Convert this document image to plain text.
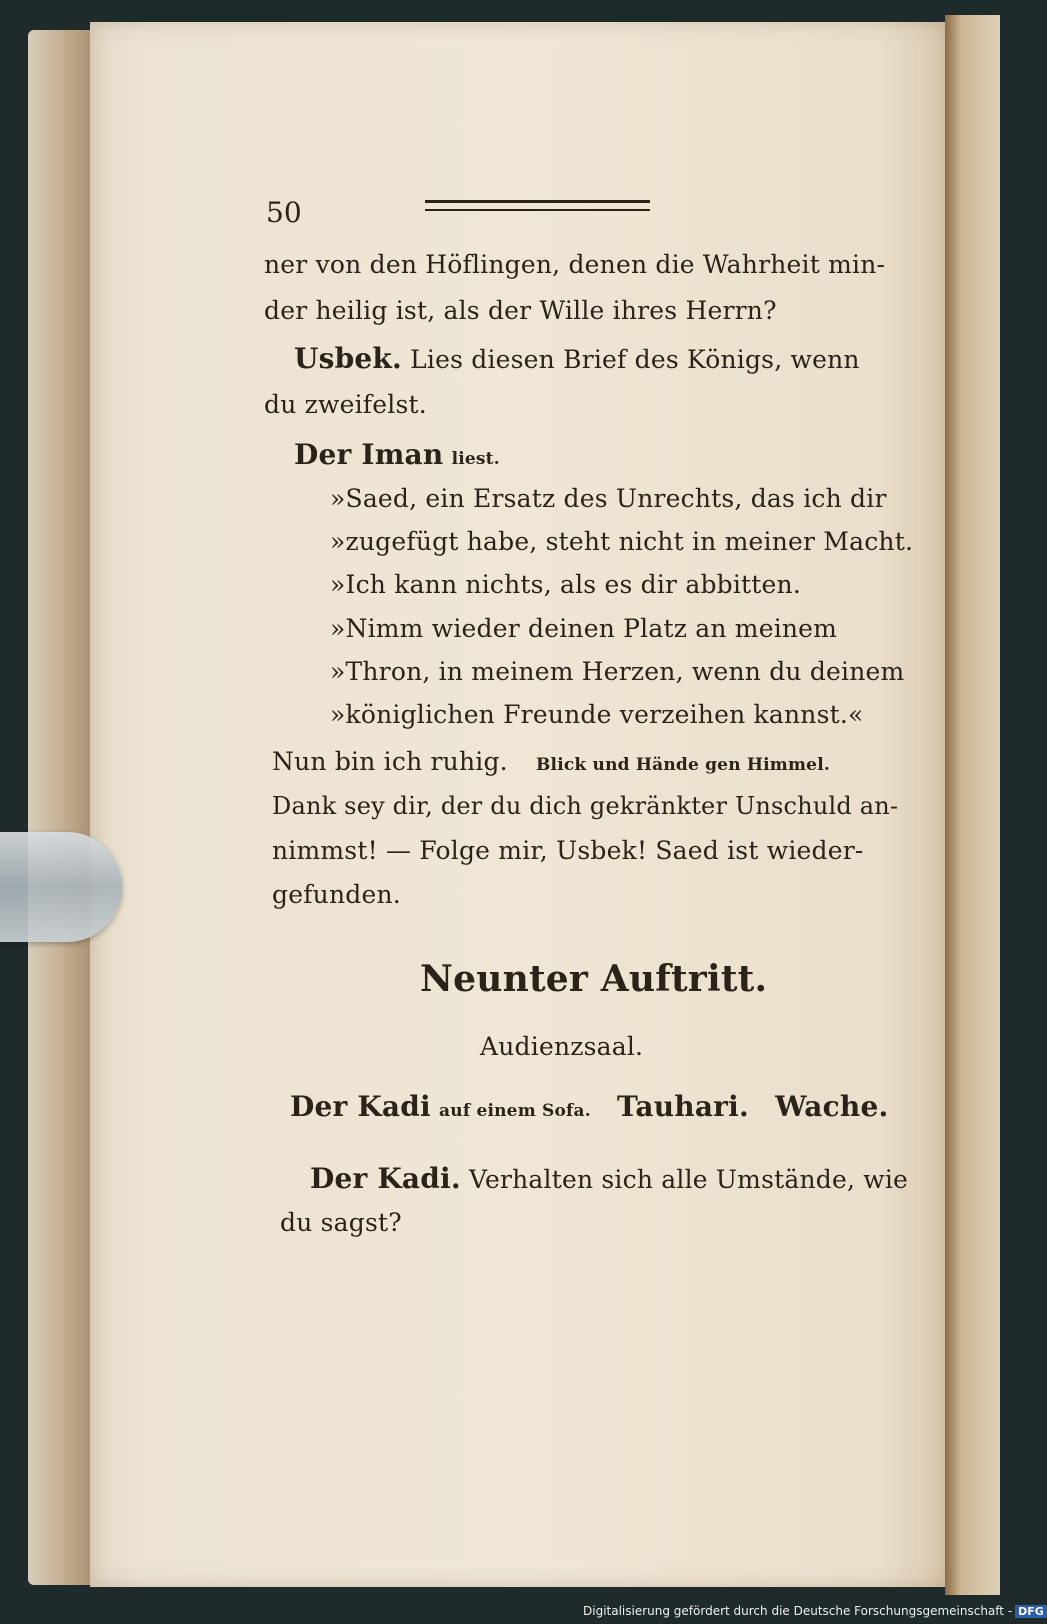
50
ner von den Höflingen, denen die Wahrheit min-
der heilig ist, als der Wille ihres Herrn?
Usbek. Lies diesen Brief des Königs, wenn
du zweifelst.
Der Iman liest.
»Saed, ein Ersatz des Unrechts, das ich dir
»zugefügt habe, steht nicht in meiner Macht.
»Ich kann nichts, als es dir abbitten.
»Nimm wieder deinen Platz an meinem
»Thron, in meinem Herzen, wenn du deinem
»königlichen Freunde verzeihen kannst.«
Nun bin ich ruhig. Blick und Hände gen Himmel.
Dank sey dir, der du dich gekränkter Unschuld an-
nimmst! — Folge mir, Usbek! Saed ist wieder-
gefunden.
Neunter Auftritt.
Audienzsaal.
Der Kadi auf einem Sofa. Tauhari. Wache.
Der Kadi. Verhalten sich alle Umstände, wie
du sagst?
Digitalisierung gefördert durch die Deutsche Forschungsgemeinschaft - DFG
